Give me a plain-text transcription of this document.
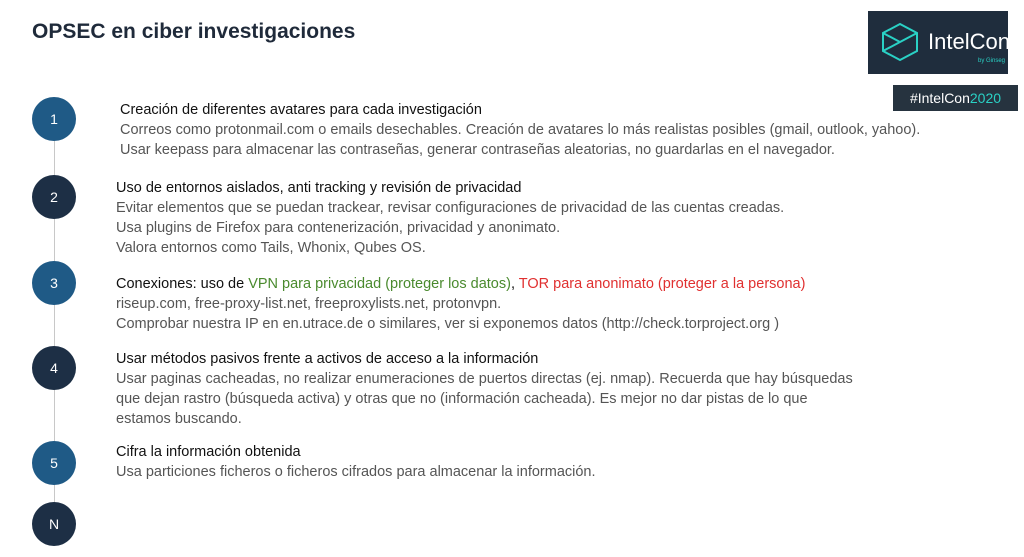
OPSEC en ciber investigaciones	IntelCon
by Ginseg
#IntelCon2020
1
2
3
4
5
N
Creación de diferentes avatares para cada investigación
Correos como protonmail.com o emails desechables. Creación de avatares lo más realistas posibles (gmail, outlook, yahoo).
Usar keepass para almacenar las contraseñas, generar contraseñas aleatorias, no guardarlas en el navegador.
Uso de entornos aislados, anti tracking y revisión de privacidad
Evitar elementos que se puedan trackear, revisar configuraciones de privacidad de las cuentas creadas.
Usa plugins de Firefox para contenerización, privacidad y anonimato.
Valora entornos como Tails, Whonix, Qubes OS.
Conexiones: uso de VPN para privacidad (proteger los datos), TOR para anonimato (proteger a la persona)
riseup.com, free-proxy-list.net, freeproxylists.net, protonvpn.
Comprobar nuestra IP en en.utrace.de o similares, ver si exponemos datos (http://check.torproject.org )
Usar métodos pasivos frente a activos de acceso a la información
Usar paginas cacheadas, no realizar enumeraciones de puertos directas (ej. nmap). Recuerda que hay búsquedas
que dejan rastro (búsqueda activa) y otras que no (información cacheada). Es mejor no dar pistas de lo que
estamos buscando.
Cifra la información obtenida
Usa particiones ficheros o ficheros cifrados para almacenar la información.
